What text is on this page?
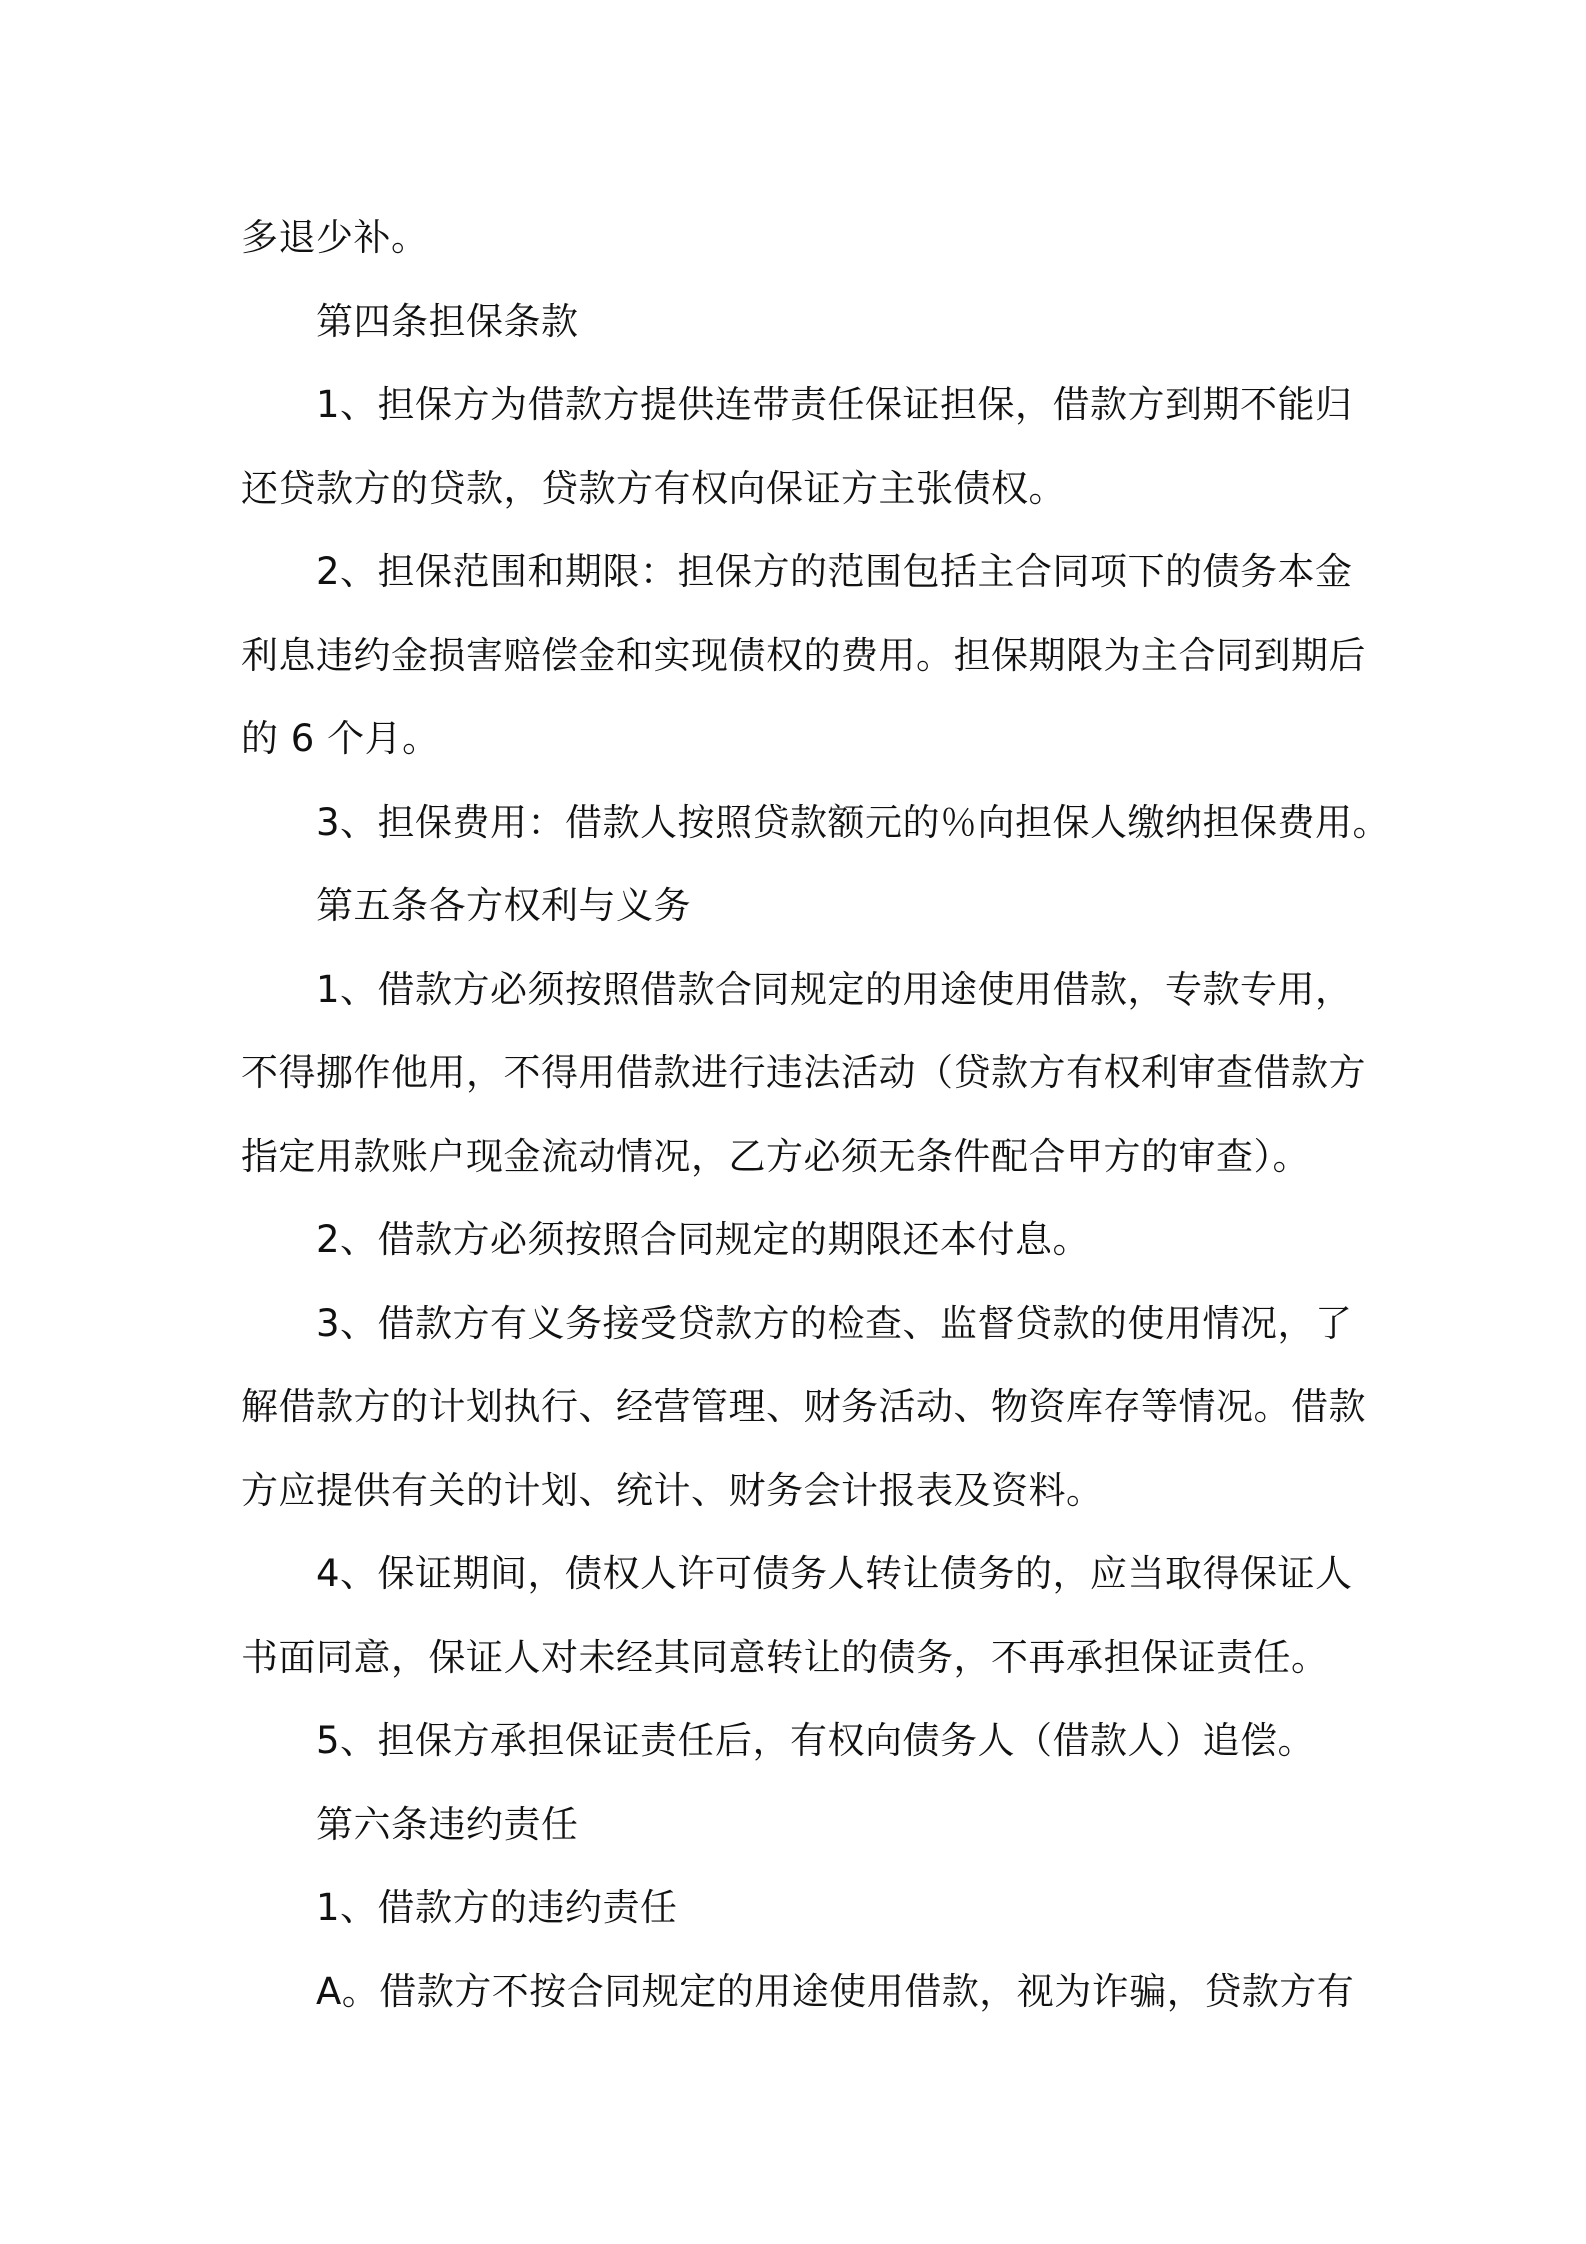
多退少补。
第四条担保条款
1、担保方为借款方提供连带责任保证担保，借款方到期不能归
还贷款方的贷款，贷款方有权向保证方主张债权。
2、担保范围和期限：担保方的范围包括主合同项下的债务本金
利息违约金损害赔偿金和实现债权的费用。担保期限为主合同到期后
的 6 个月。
3、担保费用：借款人按照贷款额元的％向担保人缴纳担保费用。
第五条各方权利与义务
1、借款方必须按照借款合同规定的用途使用借款，专款专用，
不得挪作他用，不得用借款进行违法活动（贷款方有权利审查借款方
指定用款账户现金流动情况，乙方必须无条件配合甲方的审查）。
2、借款方必须按照合同规定的期限还本付息。
3、借款方有义务接受贷款方的检查、监督贷款的使用情况，了
解借款方的计划执行、经营管理、财务活动、物资库存等情况。借款
方应提供有关的计划、统计、财务会计报表及资料。
4、保证期间，债权人许可债务人转让债务的，应当取得保证人
书面同意，保证人对未经其同意转让的债务，不再承担保证责任。
5、担保方承担保证责任后，有权向债务人（借款人）追偿。
第六条违约责任
1、借款方的违约责任
A。借款方不按合同规定的用途使用借款，视为诈骗，贷款方有
